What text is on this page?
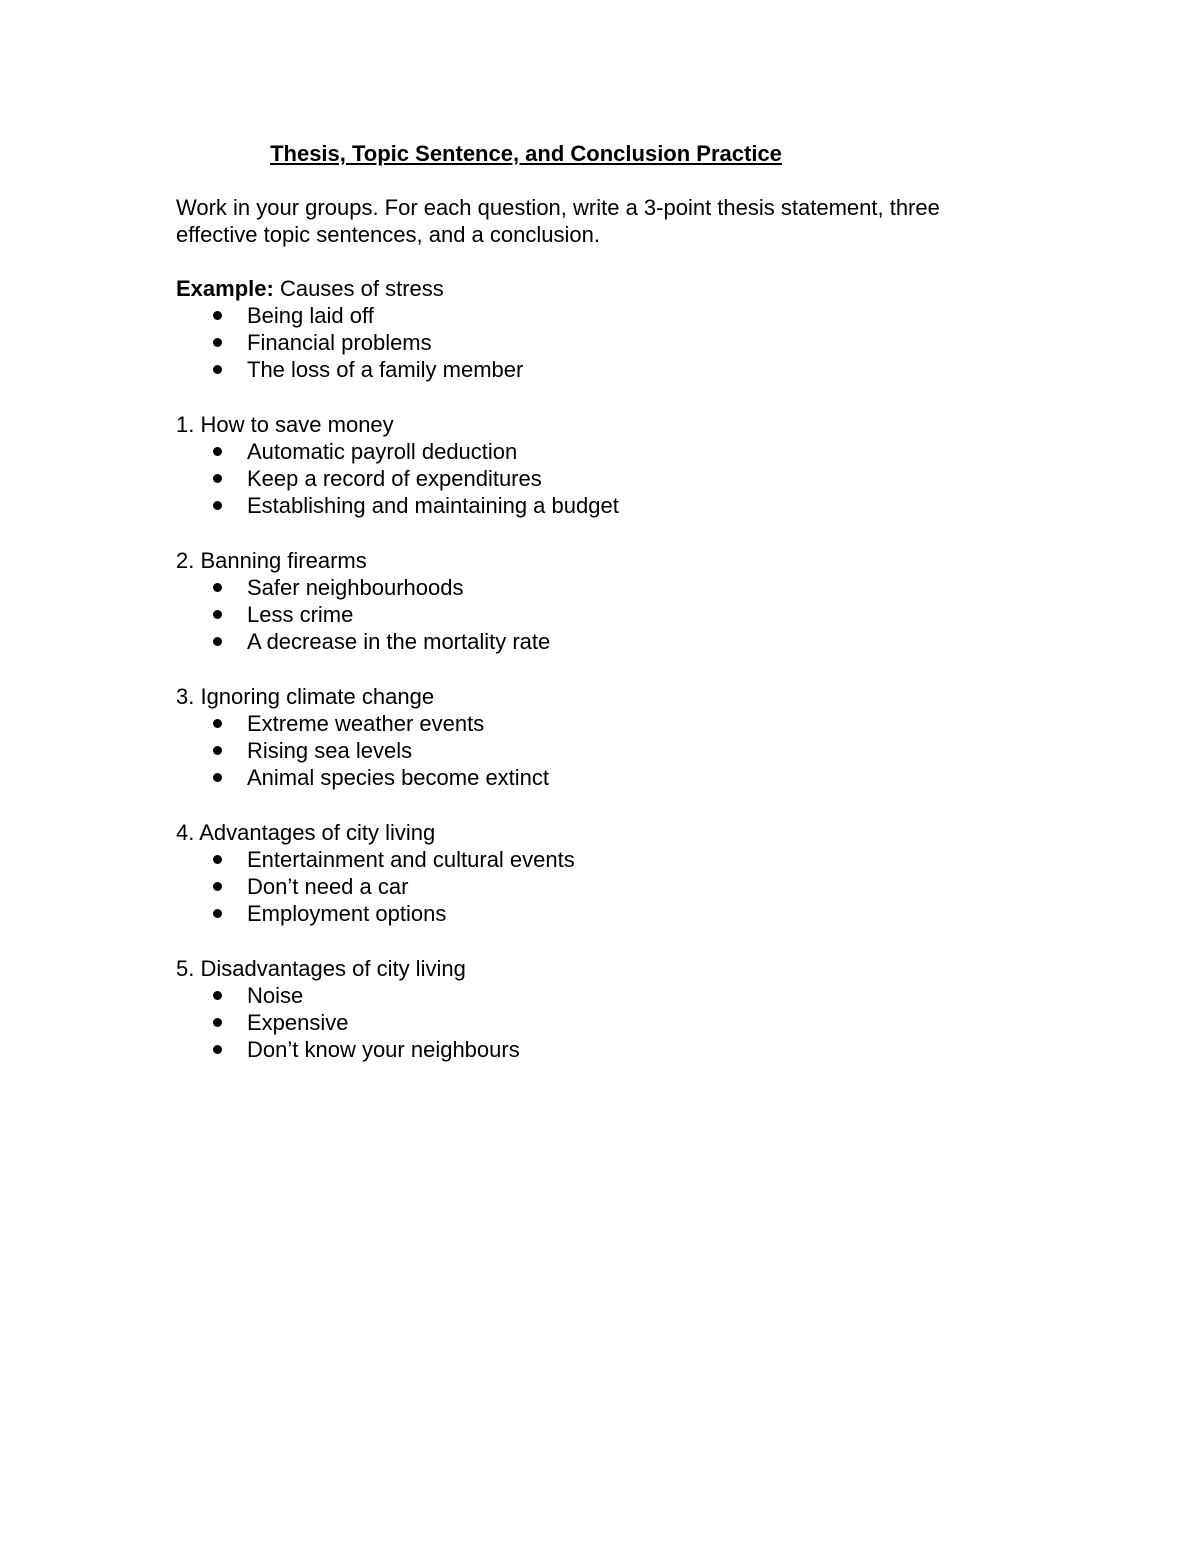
Thesis, Topic Sentence, and Conclusion Practice

Work in your groups. For each question, write a 3-point thesis statement, three effective topic sentences, and a conclusion.

Example: Causes of stress

Being laid off
Financial problems
The loss of a family member

1. How to save money

Automatic payroll deduction
Keep a record of expenditures
Establishing and maintaining a budget

2. Banning firearms

Safer neighbourhoods
Less crime
A decrease in the mortality rate

3. Ignoring climate change

Extreme weather events
Rising sea levels
Animal species become extinct

4. Advantages of city living

Entertainment and cultural events
Don’t need a car
Employment options

5. Disadvantages of city living

Noise
Expensive
Don’t know your neighbours
